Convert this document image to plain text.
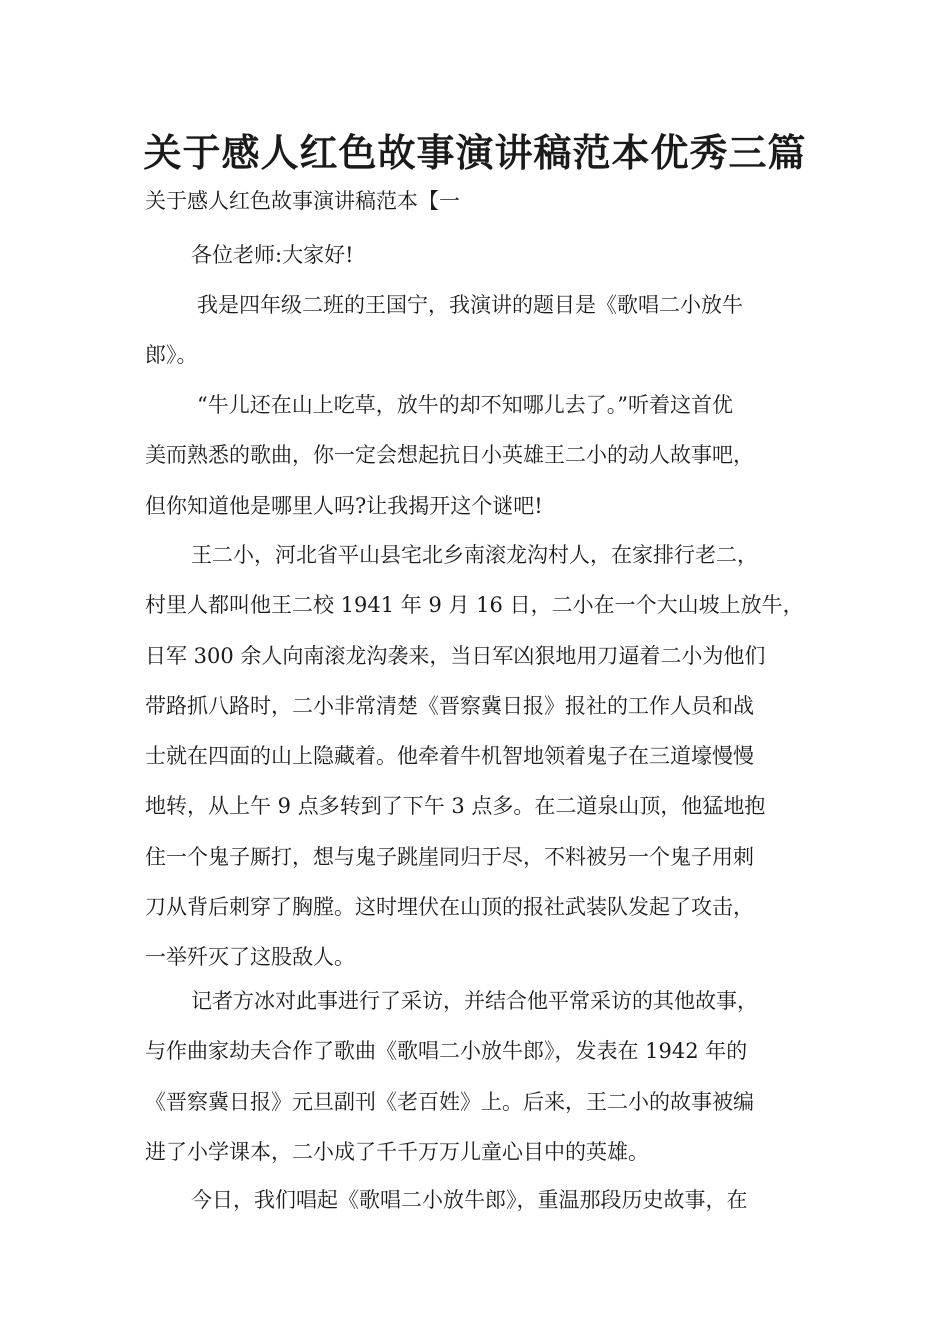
关于感人红色故事演讲稿范本优秀三篇

关于感人红色故事演讲稿范本【一

各位老师:大家好!
我是四年级二班的王国宁，我演讲的题目是《歌唱二小放牛
郎》。
“牛儿还在山上吃草，放牛的却不知哪儿去了。”听着这首优
美而熟悉的歌曲，你一定会想起抗日小英雄王二小的动人故事吧，
但你知道他是哪里人吗?让我揭开这个谜吧!
王二小，河北省平山县宅北乡南滚龙沟村人，在家排行老二，
村里人都叫他王二校 1941 年 9 月 16 日，二小在一个大山坡上放牛，
日军 300 余人向南滚龙沟袭来，当日军凶狠地用刀逼着二小为他们
带路抓八路时，二小非常清楚《晋察冀日报》报社的工作人员和战
士就在四面的山上隐藏着。他牵着牛机智地领着鬼子在三道壕慢慢
地转，从上午 9 点多转到了下午 3 点多。在二道泉山顶，他猛地抱
住一个鬼子厮打，想与鬼子跳崖同归于尽，不料被另一个鬼子用刺
刀从背后刺穿了胸膛。这时埋伏在山顶的报社武装队发起了攻击，
一举歼灭了这股敌人。
记者方冰对此事进行了采访，并结合他平常采访的其他故事，
与作曲家劫夫合作了歌曲《歌唱二小放牛郎》，发表在 1942 年的
《晋察冀日报》元旦副刊《老百姓》上。后来，王二小的故事被编
进了小学课本，二小成了千千万万儿童心目中的英雄。
今日，我们唱起《歌唱二小放牛郎》，重温那段历史故事，在
